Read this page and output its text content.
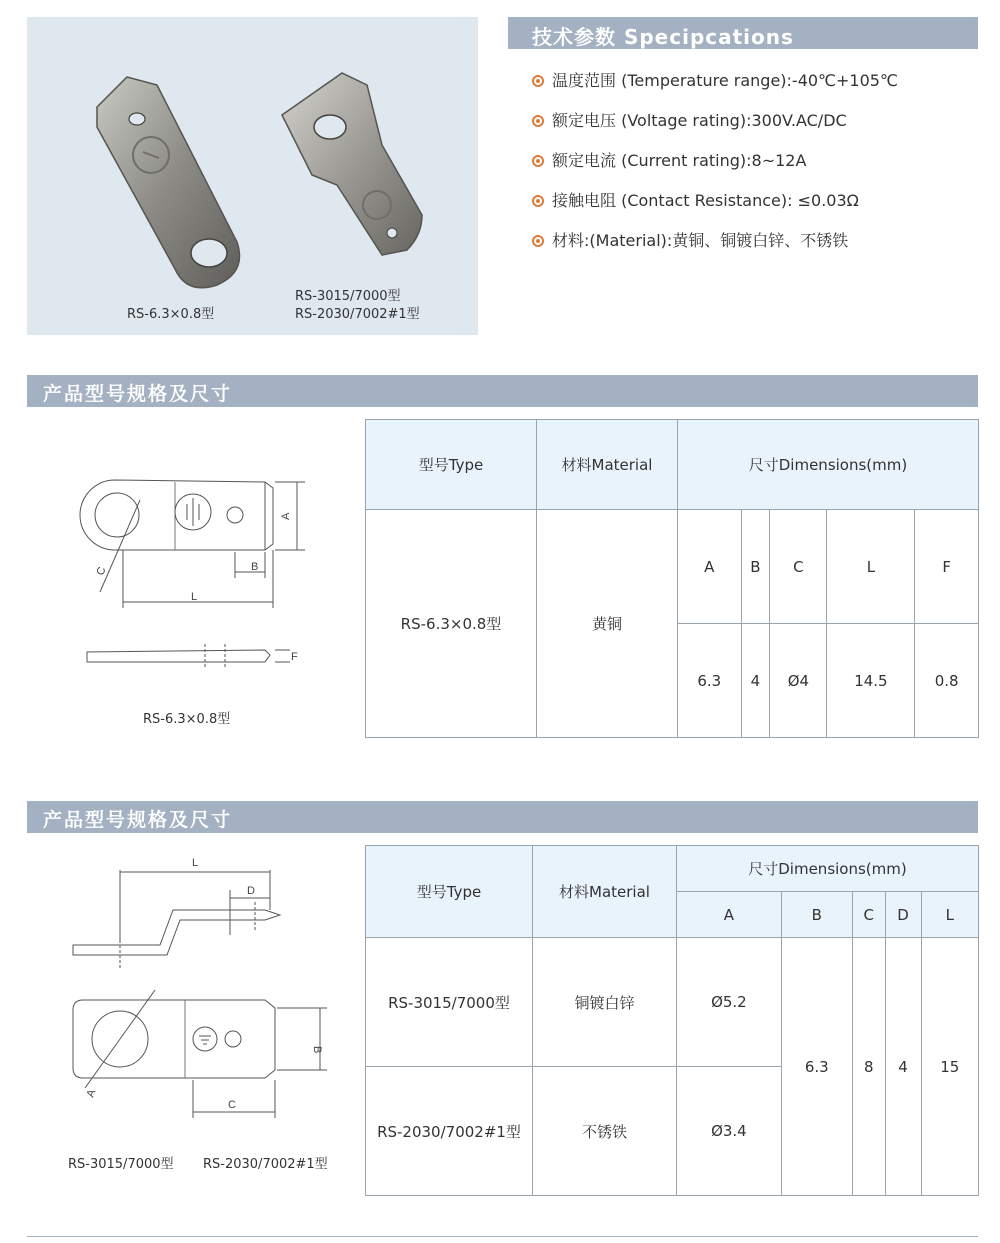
RS-6.3×0.8型
RS-3015/7000型
RS-2030/7002#1型
技术参数 Specipcations
温度范围 (Temperature range):-40℃+105℃
额定电压 (Voltage rating):300V.AC/DC
额定电流 (Current rating):8~12A
接触电阻 (Contact Resistance): ≤0.03Ω
材料:(Material):黄铜、铜镀白锌、不锈铁
产品型号规格及尺寸
A
B
C
L
F
RS-6.3×0.8型
型号Type	材料Material	尺寸Dimensions(mm)				
RS-6.3×0.8型	黄铜	A	B	C	L	F
		6.3	4	Ø4	14.5	0.8
产品型号规格及尺寸
L
D
B
A
C
RS-3015/7000型 RS-2030/7002#1型
型号Type	材料Material	尺寸Dimensions(mm)				
		A	B	C	D	L
RS-3015/7000型	铜镀白锌	Ø5.2	6.3	8	4	15
RS-2030/7002#1型	不锈铁	Ø3.4				
